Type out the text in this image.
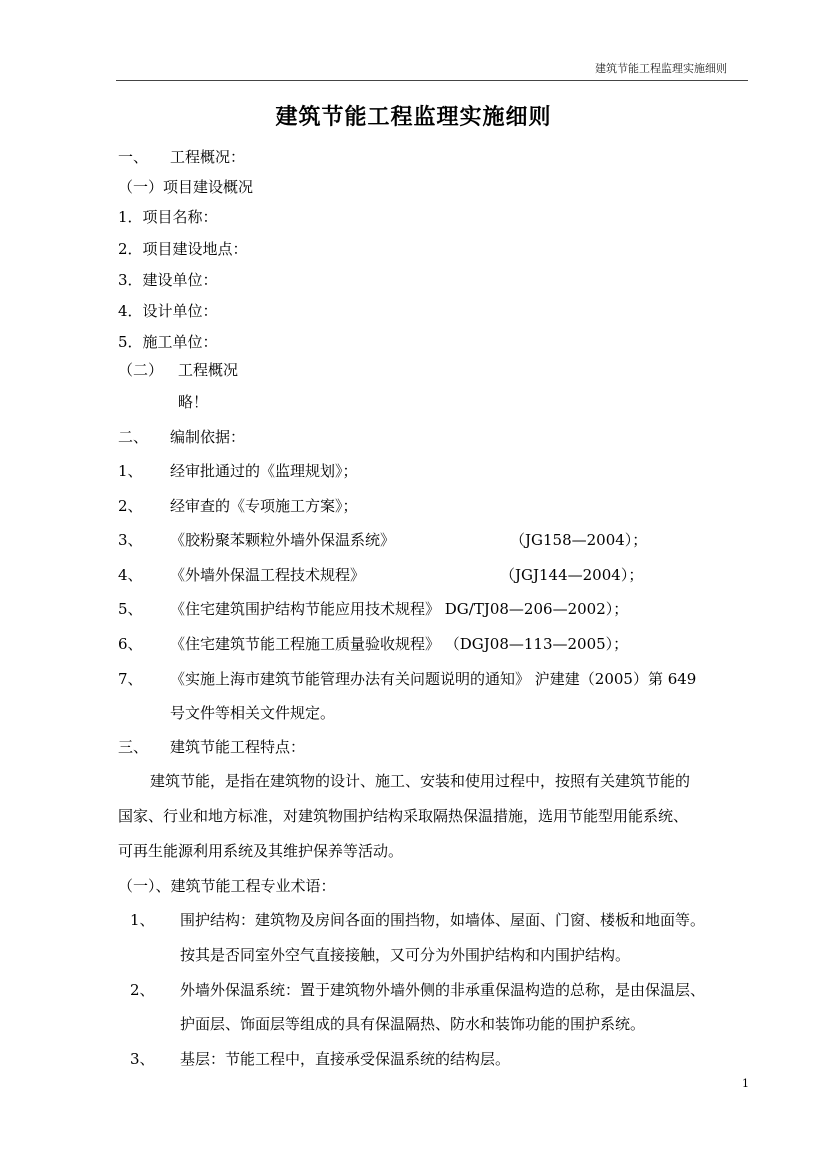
建筑节能工程监理实施细则
建筑节能工程监理实施细则
一、 工程概况：
（一）项目建设概况
1．项目名称：
2．项目建设地点：
3．建设单位：
4．设计单位：
5．施工单位：
（二） 工程概况
略！
二、 编制依据：
1、 经审批通过的《监理规划》；
2、 经审查的《专项施工方案》；
3、 《胶粉聚苯颗粒外墙外保温系统》	（JG158—2004）；
4、 《外墙外保温工程技术规程》	（JGJ144—2004）；
5、 《住宅建筑围护结构节能应用技术规程》 DG/TJ08—206—2002）；
6、 《住宅建筑节能工程施工质量验收规程》 （DGJ08—113—2005）；
7、 《实施上海市建筑节能管理办法有关问题说明的通知》 沪建建（2005）第 649
号文件等相关文件规定。
三、 建筑节能工程特点：
建筑节能，是指在建筑物的设计、施工、安装和使用过程中，按照有关建筑节能的
国家、行业和地方标准，对建筑物围护结构采取隔热保温措施，选用节能型用能系统、
可再生能源利用系统及其维护保养等活动。
（一）、建筑节能工程专业术语：
1、 围护结构：建筑物及房间各面的围挡物，如墙体、屋面、门窗、楼板和地面等。
按其是否同室外空气直接接触，又可分为外围护结构和内围护结构。
2、 外墙外保温系统：置于建筑物外墙外侧的非承重保温构造的总称，是由保温层、
护面层、饰面层等组成的具有保温隔热、防水和装饰功能的围护系统。
3、 基层：节能工程中，直接承受保温系统的结构层。
1
